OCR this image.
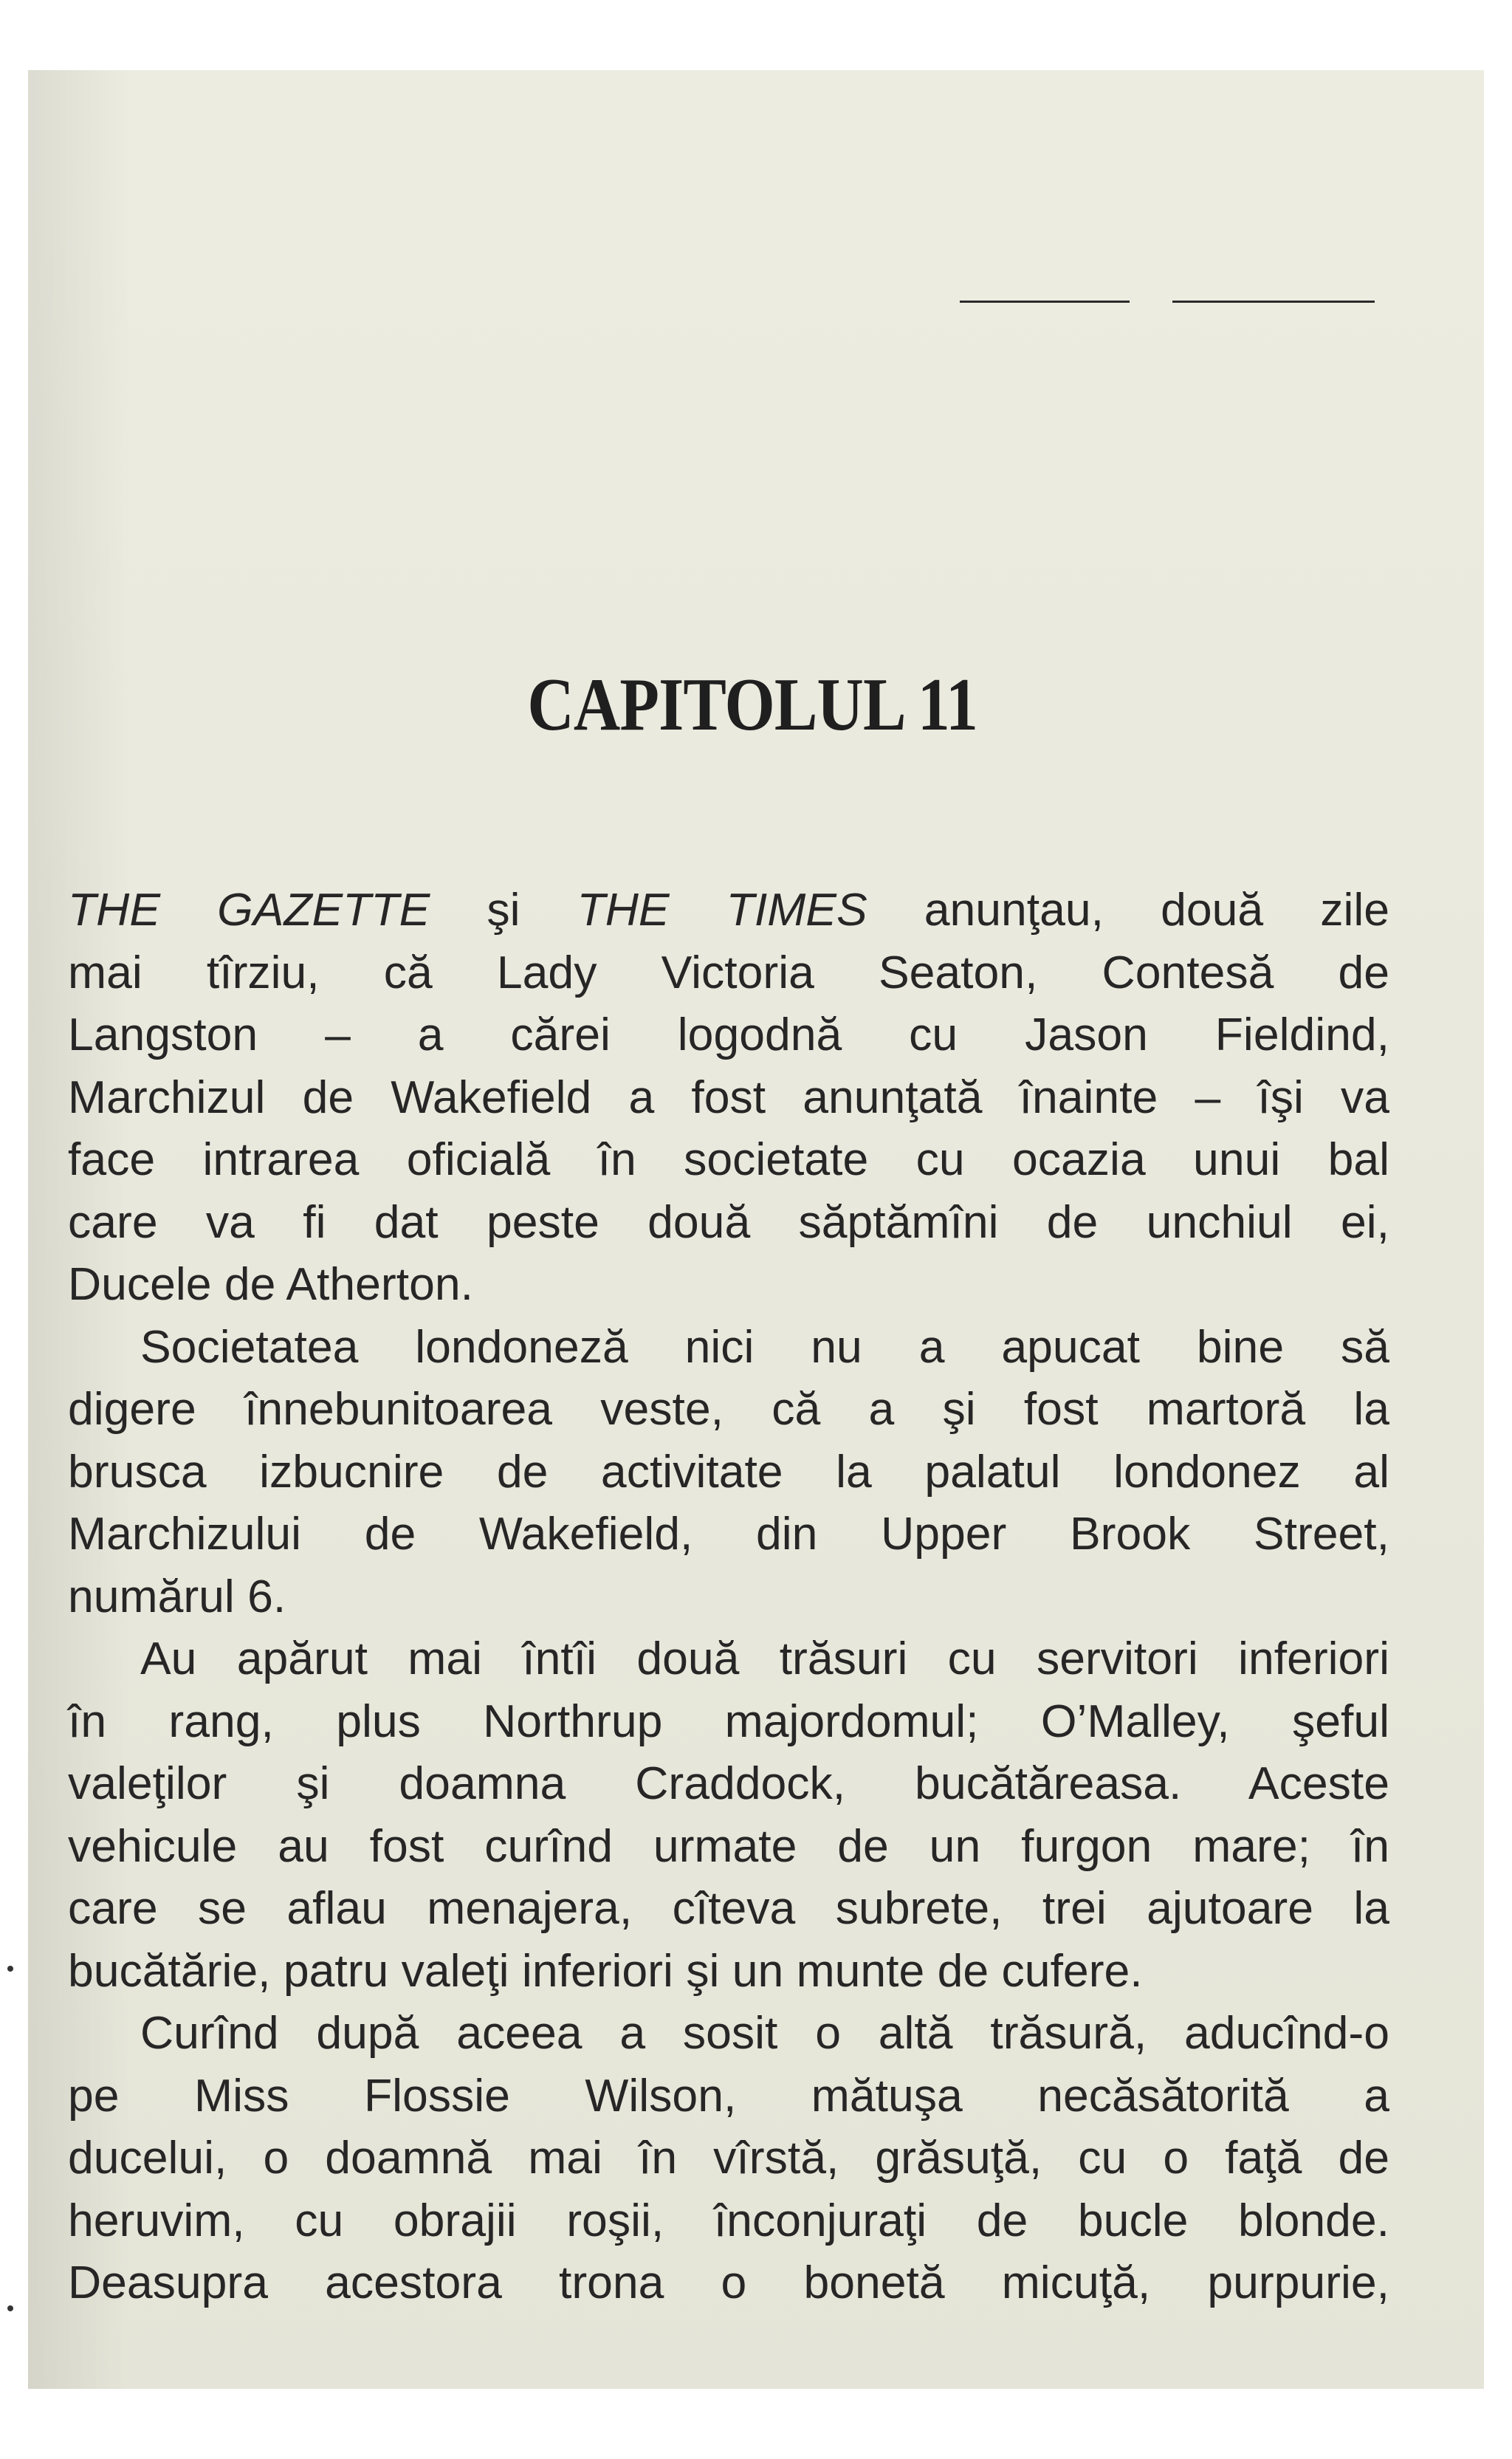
CAPITOLUL 11
THE GAZETTE şi THE TIMES anunţau, două zile
mai tîrziu, că Lady Victoria Seaton, Contesă de
Langston – a cărei logodnă cu Jason Fieldind,
Marchizul de Wakefield a fost anunţată înainte – îşi va
face intrarea oficială în societate cu ocazia unui bal
care va fi dat peste două săptămîni de unchiul ei,
Ducele de Atherton.
Societatea londoneză nici nu a apucat bine să
digere înnebunitoarea veste, că a şi fost martoră la
brusca izbucnire de activitate la palatul londonez al
Marchizului de Wakefield, din Upper Brook Street,
numărul 6.
Au apărut mai întîi două trăsuri cu servitori inferiori
în rang, plus Northrup majordomul; O’Malley, şeful
valeţilor şi doamna Craddock, bucătăreasa. Aceste
vehicule au fost curînd urmate de un furgon mare; în
care se aflau menajera, cîteva subrete, trei ajutoare la
bucătărie, patru valeţi inferiori şi un munte de cufere.
Curînd după aceea a sosit o altă trăsură, aducînd-o
pe Miss Flossie Wilson, mătuşa necăsătorită a
ducelui, o doamnă mai în vîrstă, grăsuţă, cu o faţă de
heruvim, cu obrajii roşii, înconjuraţi de bucle blonde.
Deasupra acestora trona o bonetă micuţă, purpurie,
